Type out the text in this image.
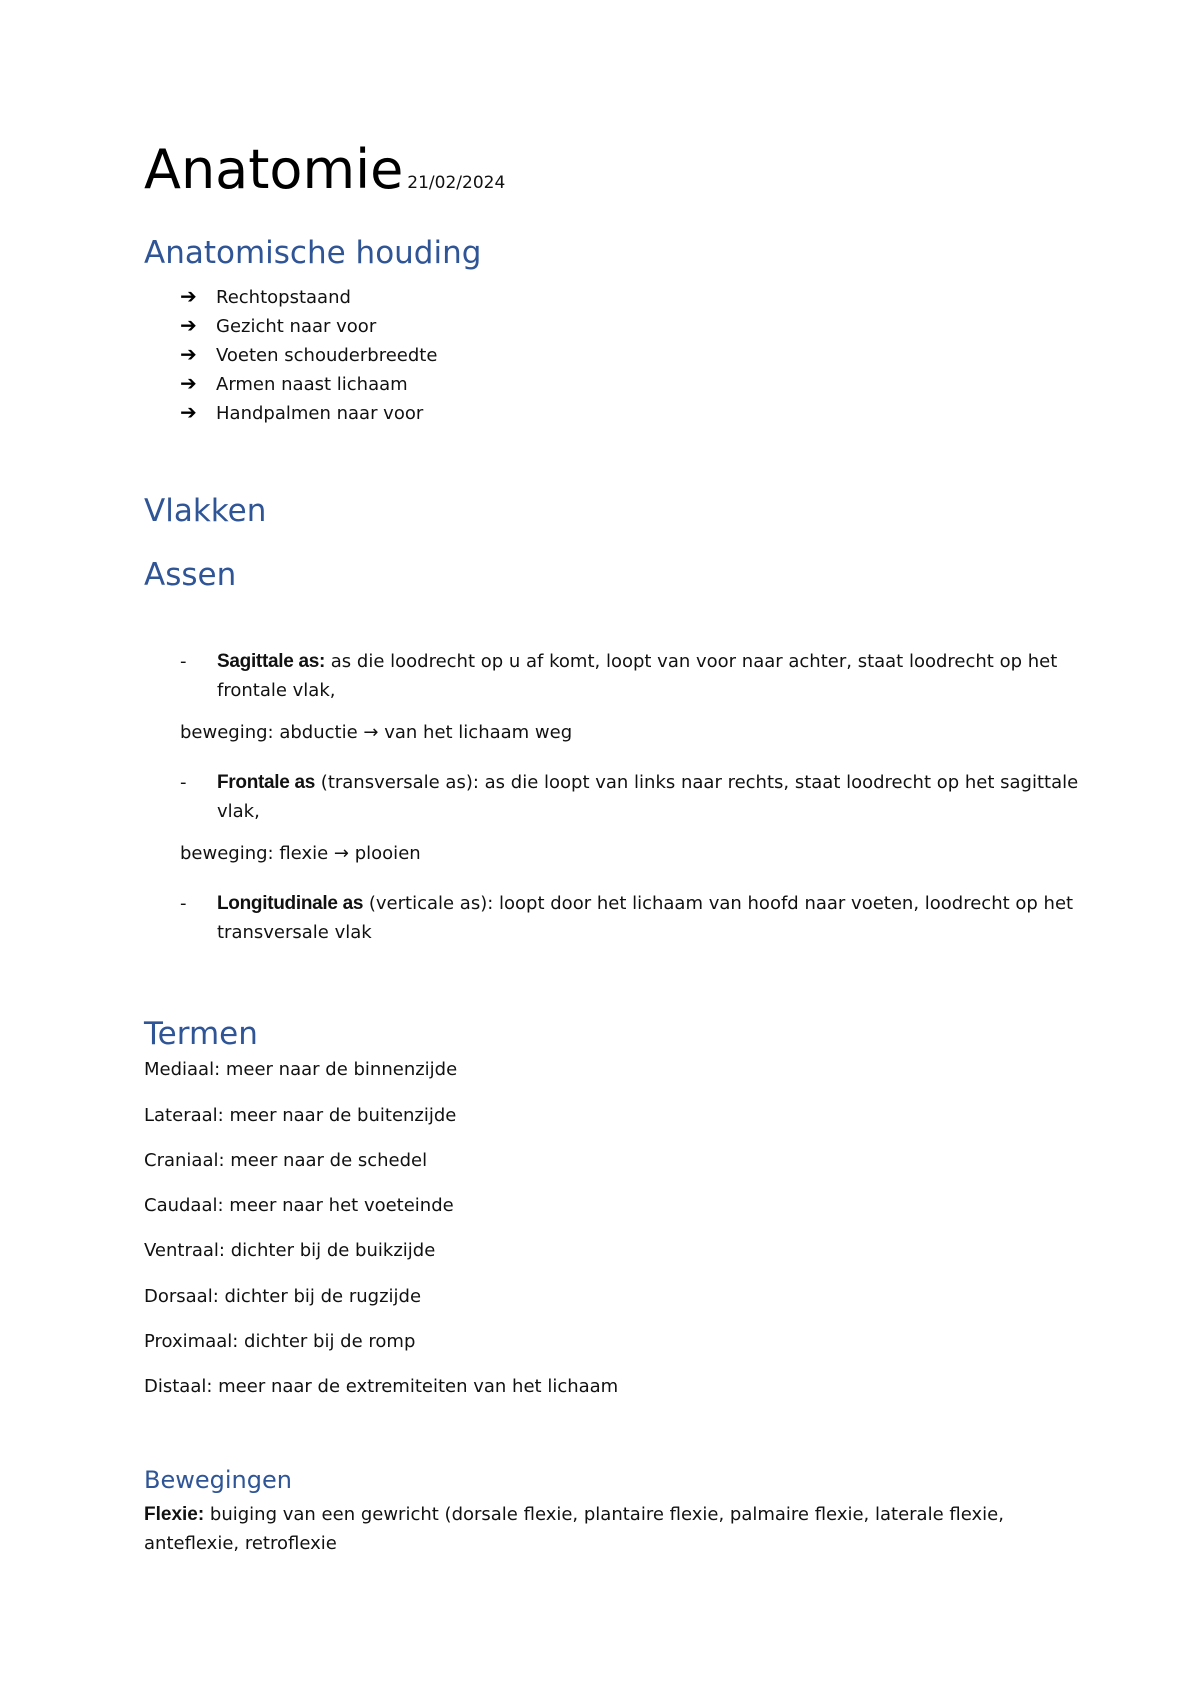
Anatomie 21/02/2024
Anatomische houding
➔ Rechtopstaand
➔ Gezicht naar voor
➔ Voeten schouderbreedte
➔ Armen naast lichaam
➔ Handpalmen naar voor
Vlakken
Assen
- Sagittale as: as die loodrecht op u af komt, loopt van voor naar achter, staat loodrecht op het frontale vlak,
beweging: abductie → van het lichaam weg
- Frontale as (transversale as): as die loopt van links naar rechts, staat loodrecht op het sagittale vlak,
beweging: flexie → plooien
- Longitudinale as (verticale as): loopt door het lichaam van hoofd naar voeten, loodrecht op het transversale vlak
Termen
Mediaal: meer naar de binnenzijde
Lateraal: meer naar de buitenzijde
Craniaal: meer naar de schedel
Caudaal: meer naar het voeteinde
Ventraal: dichter bij de buikzijde
Dorsaal: dichter bij de rugzijde
Proximaal: dichter bij de romp
Distaal: meer naar de extremiteiten van het lichaam
Bewegingen
Flexie: buiging van een gewricht (dorsale flexie, plantaire flexie, palmaire flexie, laterale flexie, anteflexie, retroflexie
